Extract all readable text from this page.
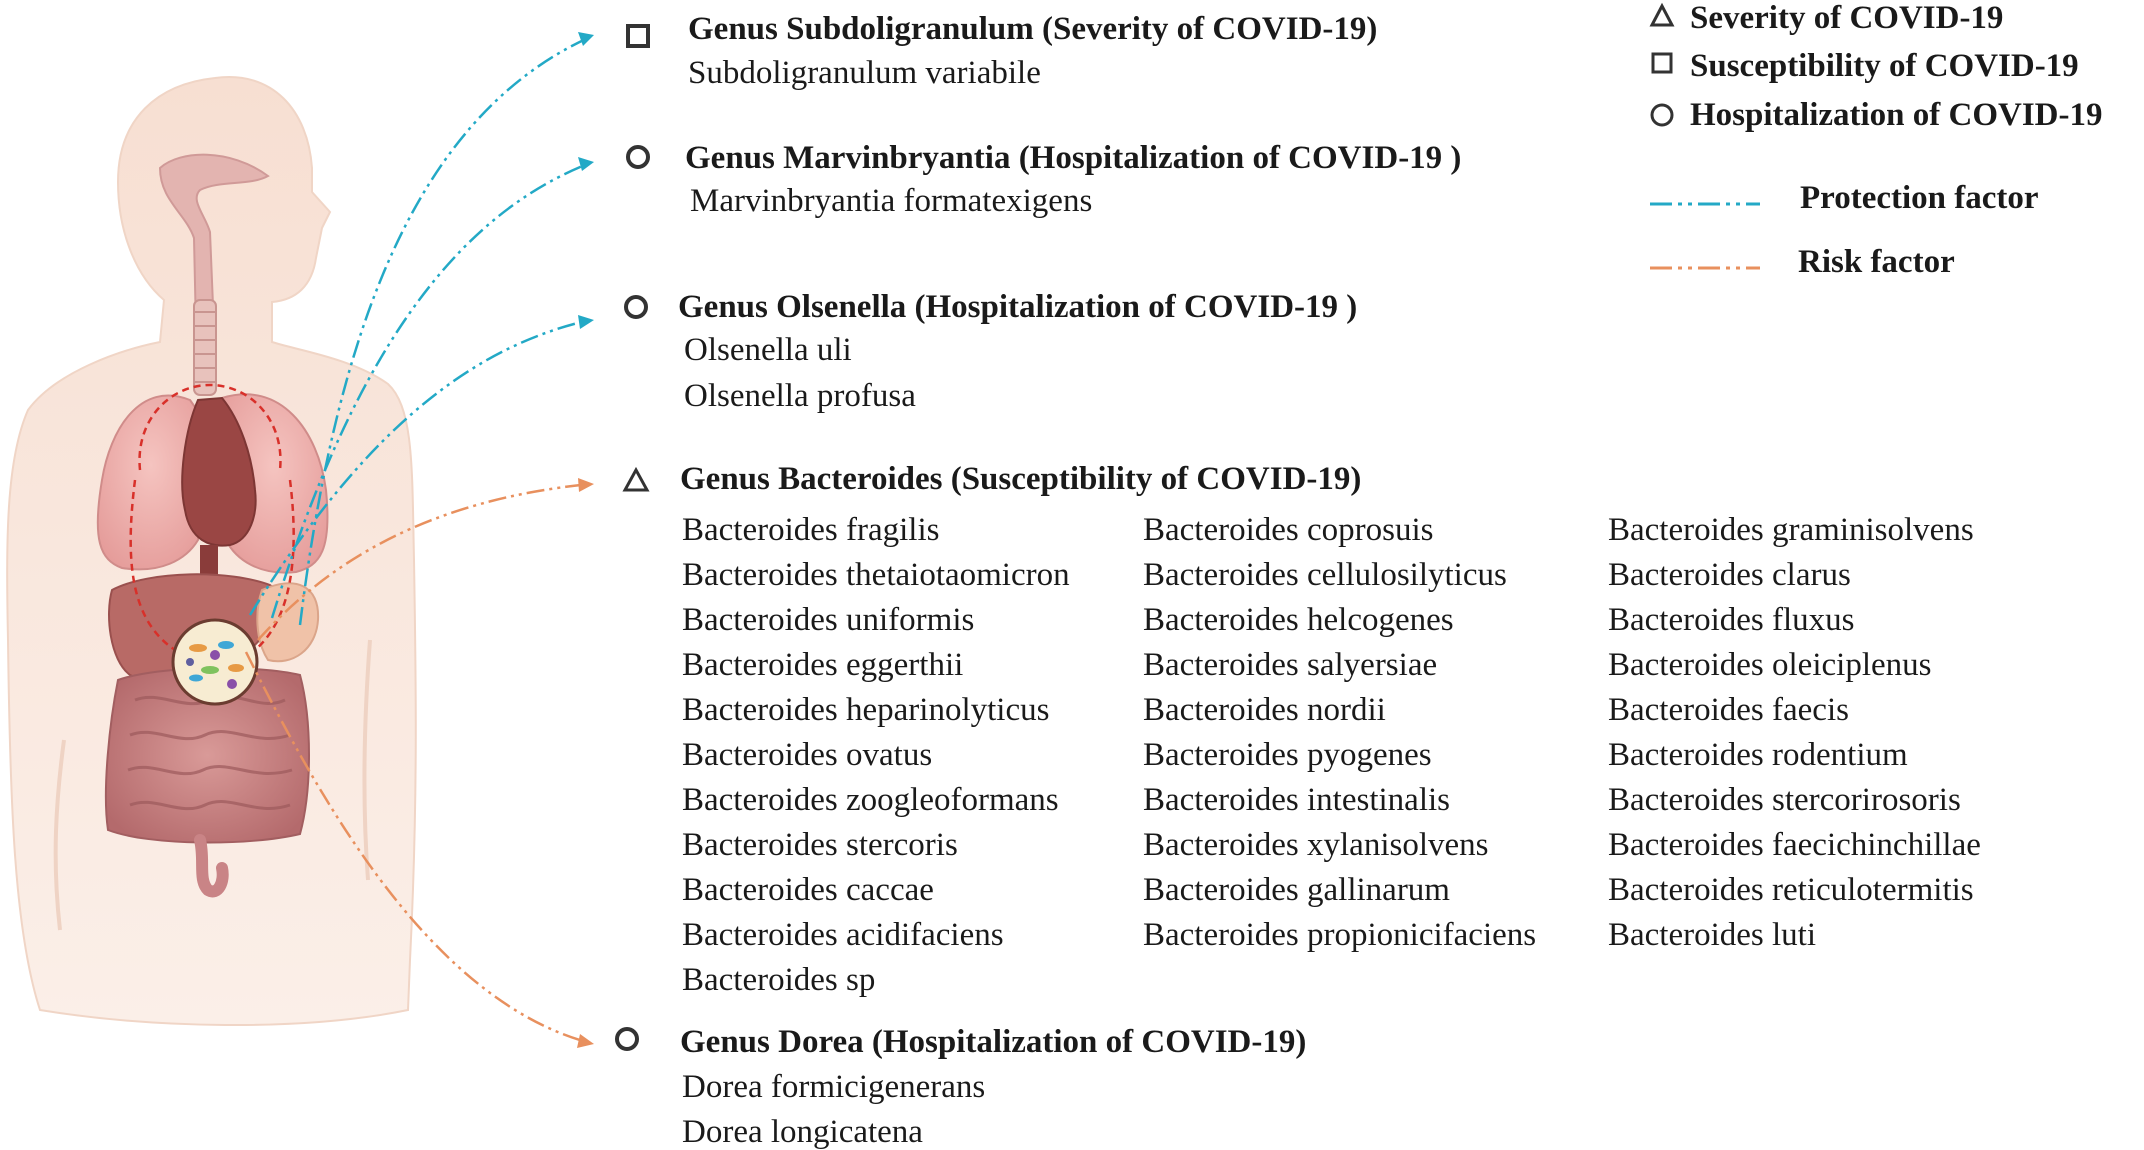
Severity of COVID-19
Susceptibility of COVID-19
Hospitalization of COVID-19
Protection factor
Risk factor
Genus Subdoligranulum (Severity of COVID-19)
Subdoligranulum variabile
Genus Marvinbryantia (Hospitalization of COVID-19 )
Marvinbryantia formatexigens
Genus Olsenella (Hospitalization of COVID-19 )
Olsenella uli
Olsenella profusa
Genus Bacteroides (Susceptibility of COVID-19)
Bacteroides fragilis
Bacteroides thetaiotaomicron
Bacteroides uniformis
Bacteroides eggerthii
Bacteroides heparinolyticus
Bacteroides ovatus
Bacteroides zoogleoformans
Bacteroides stercoris
Bacteroides caccae
Bacteroides acidifaciens
Bacteroides sp
Bacteroides coprosuis
Bacteroides cellulosilyticus
Bacteroides helcogenes
Bacteroides salyersiae
Bacteroides nordii
Bacteroides pyogenes
Bacteroides intestinalis
Bacteroides xylanisolvens
Bacteroides gallinarum
Bacteroides propionicifaciens
Bacteroides graminisolvens
Bacteroides clarus
Bacteroides fluxus
Bacteroides oleiciplenus
Bacteroides faecis
Bacteroides rodentium
Bacteroides stercorirosoris
Bacteroides faecichinchillae
Bacteroides reticulotermitis
Bacteroides luti
Genus Dorea (Hospitalization of COVID-19)
Dorea formicigenerans
Dorea longicatena
